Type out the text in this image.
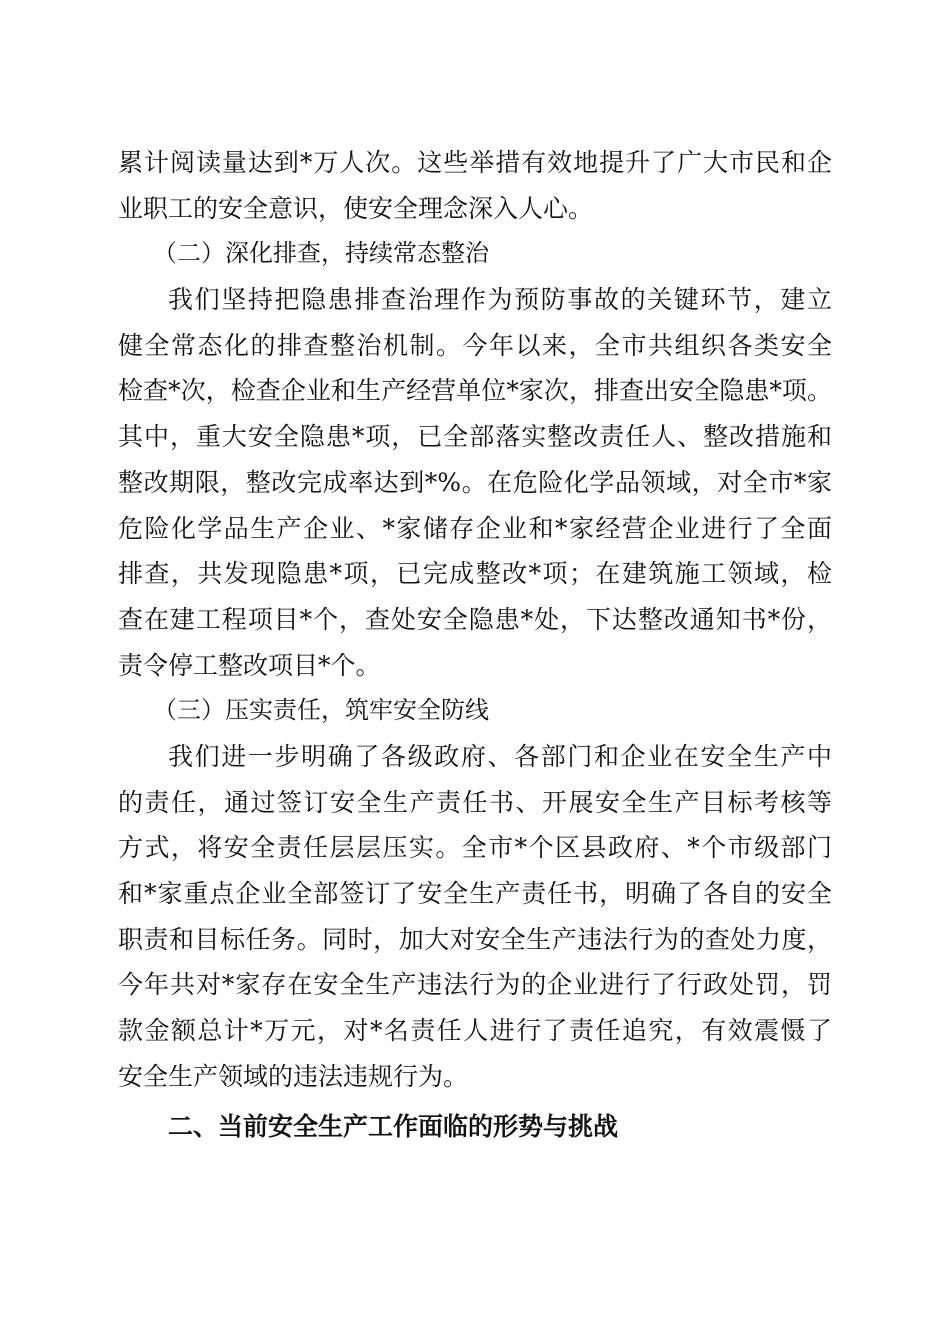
累计阅读量达到*万人次。这些举措有效地提升了广大市民和企
业职工的安全意识，使安全理念深入人心。
（二）深化排查，持续常态整治
我们坚持把隐患排查治理作为预防事故的关键环节，建立
健全常态化的排查整治机制。今年以来，全市共组织各类安全
检查*次，检查企业和生产经营单位*家次，排查出安全隐患*项。
其中，重大安全隐患*项，已全部落实整改责任人、整改措施和
整改期限，整改完成率达到*%。在危险化学品领域，对全市*家
危险化学品生产企业、*家储存企业和*家经营企业进行了全面
排查，共发现隐患*项，已完成整改*项；在建筑施工领域，检
查在建工程项目*个，查处安全隐患*处，下达整改通知书*份，
责令停工整改项目*个。
（三）压实责任，筑牢安全防线
我们进一步明确了各级政府、各部门和企业在安全生产中
的责任，通过签订安全生产责任书、开展安全生产目标考核等
方式，将安全责任层层压实。全市*个区县政府、*个市级部门
和*家重点企业全部签订了安全生产责任书，明确了各自的安全
职责和目标任务。同时，加大对安全生产违法行为的查处力度，
今年共对*家存在安全生产违法行为的企业进行了行政处罚，罚
款金额总计*万元，对*名责任人进行了责任追究，有效震慑了
安全生产领域的违法违规行为。
二、当前安全生产工作面临的形势与挑战
